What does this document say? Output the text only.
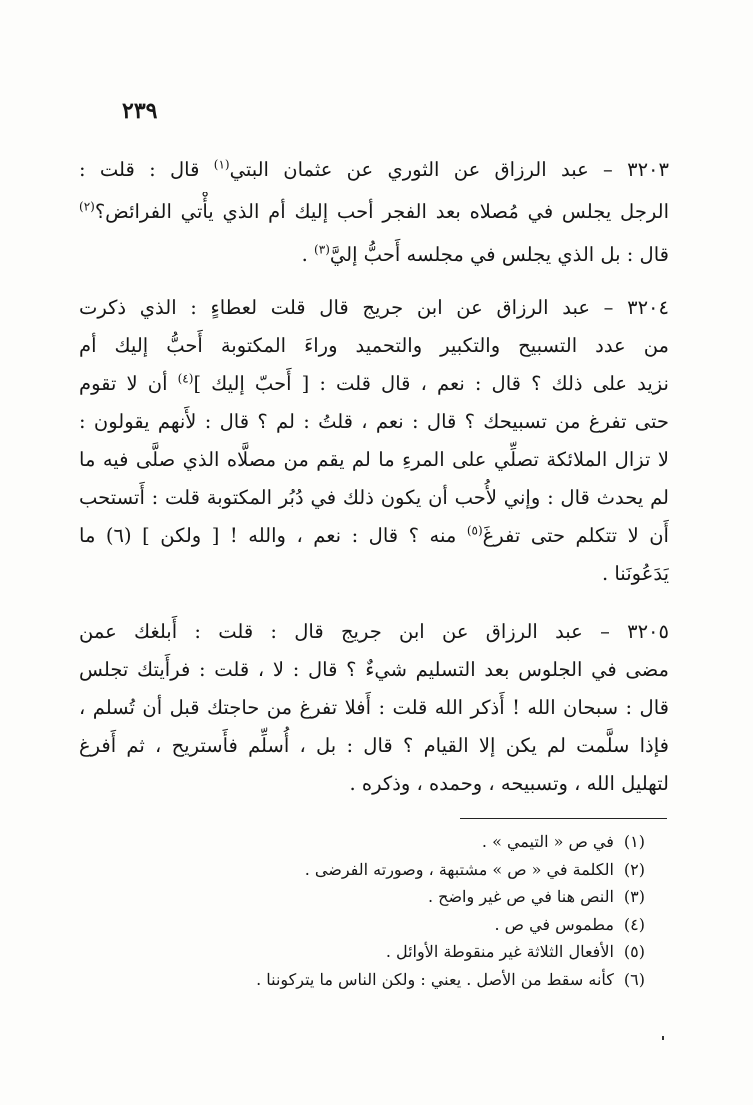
٢٣٩
٣٢٠٣ – عبد الرزاق عن الثوري عن عثمان البتي$^{(١)}$ قال : قلت :
الرجل يجلس في مُصلاه بعد الفجر أحب إليك أم الذي يأْتي الفرائض؟$^{(٢)}$
قال : بل الذي يجلس في مجلسه أَحبُّ إليَّ$^{(٣)}$ .
٣٢٠٤ – عبد الرزاق عن ابن جريج قال قلت لعطاءٍ : الذي ذكرت
من عدد التسبيح والتكبير والتحميد وراءَ المكتوبة أَحبُّ إليك أم
نزيد على ذلك ؟ قال : نعم ، قال قلت : [ أَحبّ إليك ]$^{(٤)}$ أن لا تقوم
حتى تفرغ من تسبيحك ؟ قال : نعم ، قلتُ : لم ؟ قال : لأَنهم يقولون :
لا تزال الملائكة تصلِّي على المرءِ ما لم يقم من مصلَّاه الذي صلَّى فيه ما
لم يحدث قال : وإني لأُحب أن يكون ذلك في دُبُر المكتوبة قلت : أَتستحب
أَن لا تتكلم حتى تفرغَ$^{(٥)}$ منه ؟ قال : نعم ، والله ! [ ولكن ] (٦) ما
يَدَعُونَنا .
٣٢٠٥ – عبد الرزاق عن ابن جريج قال : قلت : أَبلغك عمن
مضى في الجلوس بعد التسليم شيءٌ ؟ قال : لا ، قلت : فرأَيتك تجلس
قال : سبحان الله ! أَذكر الله قلت : أَفلا تفرغ من حاجتك قبل أن تُسلم ،
فإذا سلَّمت لم يكن إلا القيام ؟ قال : بل ، أُسلِّم فأَستريح ، ثم أَفرغ
لتهليل الله ، وتسبيحه ، وحمده ، وذكره .
(١)في ص « التيمي » .
(٢)الكلمة في « ص » مشتبهة ، وصورته الفرضى .
(٣)النص هنا في ص غير واضح .
(٤)مطموس في ص .
(٥)الأفعال الثلاثة غير منقوطة الأوائل .
(٦)كأنه سقط من الأصل . يعني : ولكن الناس ما يتركوننا .
